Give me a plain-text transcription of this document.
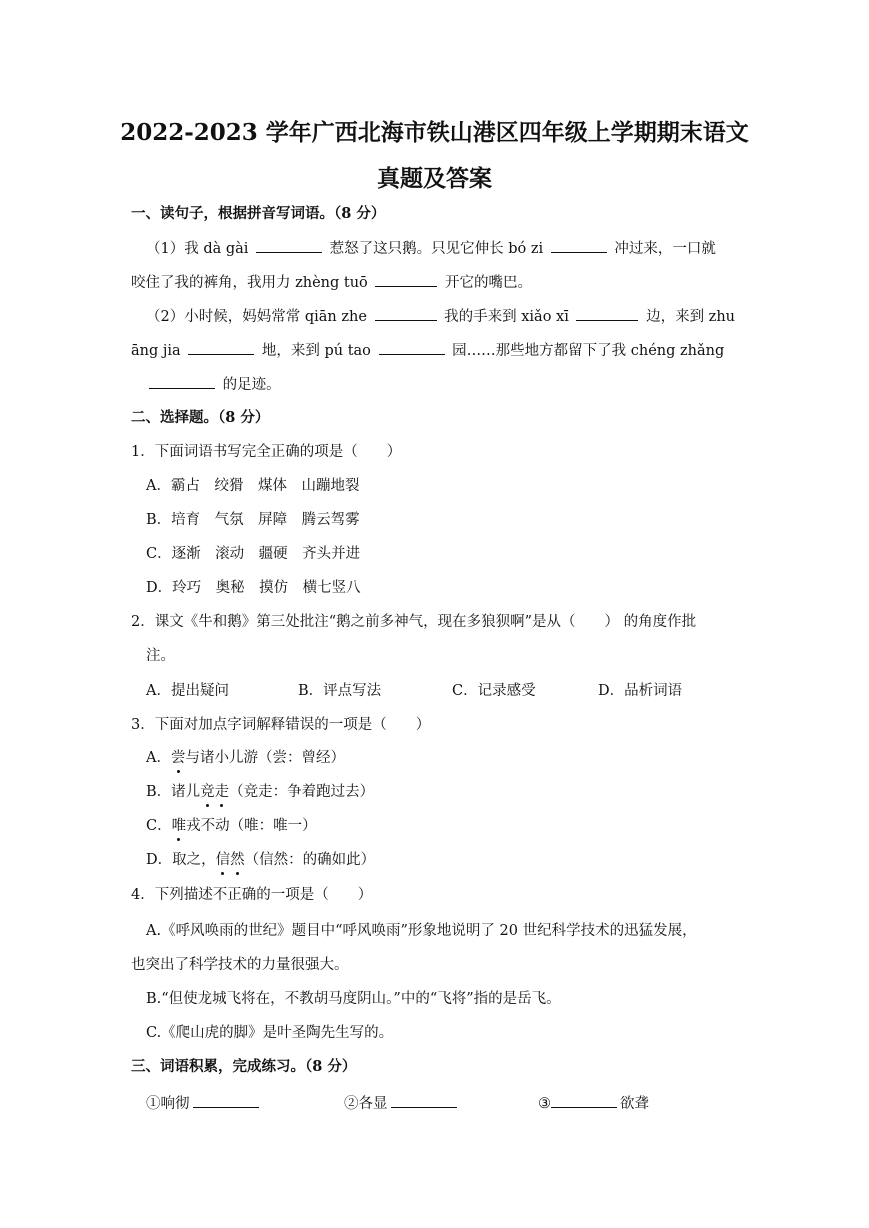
2022-2023 学年广西北海市铁山港区四年级上学期期末语文
真题及答案
一、读句子，根据拼音写词语。（8 分）
（1）我 dà gài	惹怒了这只鹅。只见它伸长 bó zi	冲过来，一口就
咬住了我的裤角，我用力 zhèng tuō	开它的嘴巴。
（2）小时候，妈妈常常 qiān zhe	我的手来到 xiǎo xī	边，来到 zhu
āng jia	地，来到 pú tao	园……那些地方都留下了我 chéng zhǎng
的足迹。
二、选择题。（8 分）
1．下面词语书写完全正确的项是（　　）
A．霸占　绞猾　煤体　山蹦地裂
B．培育　气氛　屏障　腾云驾雾
C．逐渐　滚动　疆硬　齐头并进
D．玲巧　奥秘　摸仿　横七竖八
2．课文《牛和鹅》第三处批注“鹅之前多神气，现在多狼狈啊”是从（　　） 的角度作批
注。
A．提出疑问	B．评点写法	C．记录感受	D．品析词语
3．下面对加点字词解释错误的一项是（　　）
A．尝与诸小儿游（尝：曾经）
B．诸儿竞走（竞走：争着跑过去）
C．唯戎不动（唯：唯一）
D．取之，信然（信然：的确如此）
4．下列描述不正确的一项是（　　）
A.《呼风唤雨的世纪》题目中“呼风唤雨”形象地说明了 20 世纪科学技术的迅猛发展，
也突出了科学技术的力量很强大。
B.“但使龙城飞将在，不教胡马度阴山。”中的“飞将”指的是岳飞。
C.《爬山虎的脚》是叶圣陶先生写的。
三、词语积累，完成练习。（8 分）
①响彻	②各显	③	欲聋
